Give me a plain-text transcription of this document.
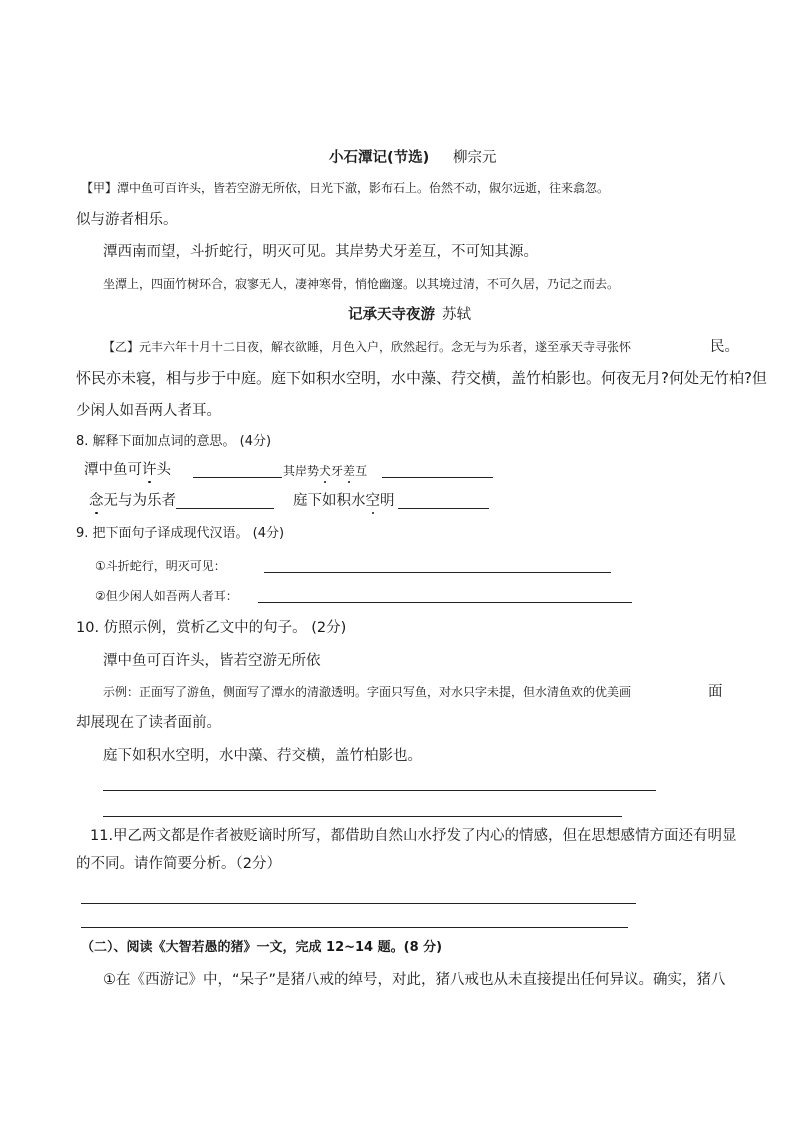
小石潭记(节选) 柳宗元
【甲】潭中鱼可百许头，皆若空游无所依，日光下澈，影布石上。佁然不动，俶尔远逝，往来翕忽。
似与游者相乐。
潭西南而望，斗折蛇行，明灭可见。其岸势犬牙差互，不可知其源。
坐潭上，四面竹树环合，寂寥无人，凄神寒骨，悄怆幽邃。以其境过清，不可久居，乃记之而去。
记承天寺夜游 苏轼
【乙】元丰六年十月十二日夜，解衣欲睡，月色入户，欣然起行。念无与为乐者，遂至承天寺寻张怀	民。
怀民亦未寝，相与步于中庭。庭下如积水空明，水中藻、荇交横，盖竹柏影也。何夜无月?何处无竹柏?但
少闲人如吾两人者耳。
8. 解释下面加点词的意思。 (4分)
潭中鱼可许头	其岸势犬牙差互
念无与为乐者	庭下如积水空明
9. 把下面句子译成现代汉语。 (4分)
①斗折蛇行，明灭可见：
②但少闲人如吾两人者耳：
10. 仿照示例，赏析乙文中的句子。 (2分)
潭中鱼可百许头，皆若空游无所依
示例：正面写了游鱼，侧面写了潭水的清澈透明。字面只写鱼，对水只字未提，但水清鱼欢的优美画	面
却展现在了读者面前。
庭下如积水空明，水中藻、荇交横，盖竹柏影也。
11.甲乙两文都是作者被贬谪时所写，都借助自然山水抒发了内心的情感，但在思想感情方面还有明显
的不同。请作简要分析。（2分）
（二）、阅读《大智若愚的猪》一文，完成 12~14 题。(8 分)
①在《西游记》中，“呆子”是猪八戒的绰号，对此，猪八戒也从未直接提出任何异议。确实，猪八
